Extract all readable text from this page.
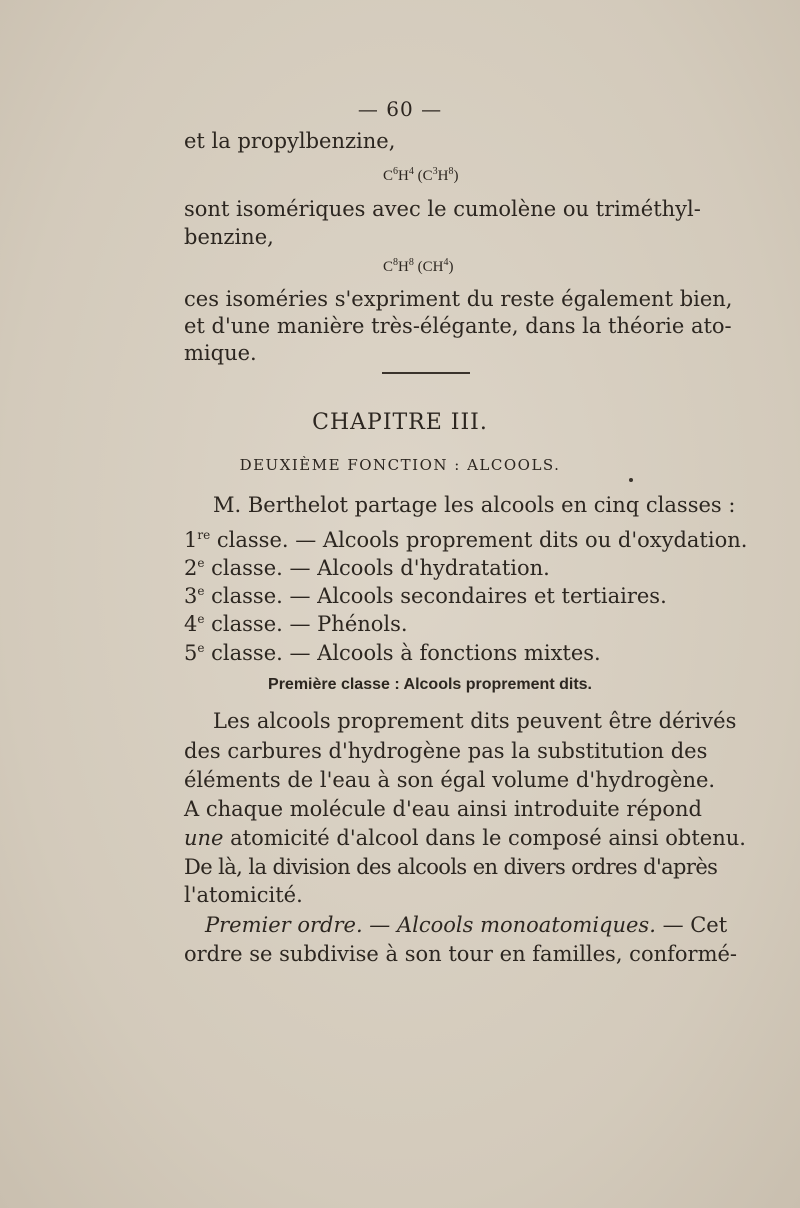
— 60 —
et la propylbenzine,
$C^6H^4$ $(C^3H^8)$
sont isomériques avec le cumolène ou triméthyl-
benzine,
$C^8H^8$ $(CH^4)$
ces isoméries s'expriment du reste également bien,
et d'une manière très-élégante, dans la théorie ato-
mique.
CHAPITRE III.
DEUXIÈME FONCTION : ALCOOLS.
M. Berthelot partage les alcools en cinq classes :
1re classe. — Alcools proprement dits ou d'oxydation.
2e classe. — Alcools d'hydratation.
3e classe. — Alcools secondaires et tertiaires.
4e classe. — Phénols.
5e classe. — Alcools à fonctions mixtes.
Première classe : Alcools proprement dits.
Les alcools proprement dits peuvent être dérivés
des carbures d'hydrogène pas la substitution des
éléments de l'eau à son égal volume d'hydrogène.
A chaque molécule d'eau ainsi introduite répond
une atomicité d'alcool dans le composé ainsi obtenu.
De là, la division des alcools en divers ordres d'après
l'atomicité.
Premier ordre. — Alcools monoatomiques. — Cet
ordre se subdivise à son tour en familles, conformé-
